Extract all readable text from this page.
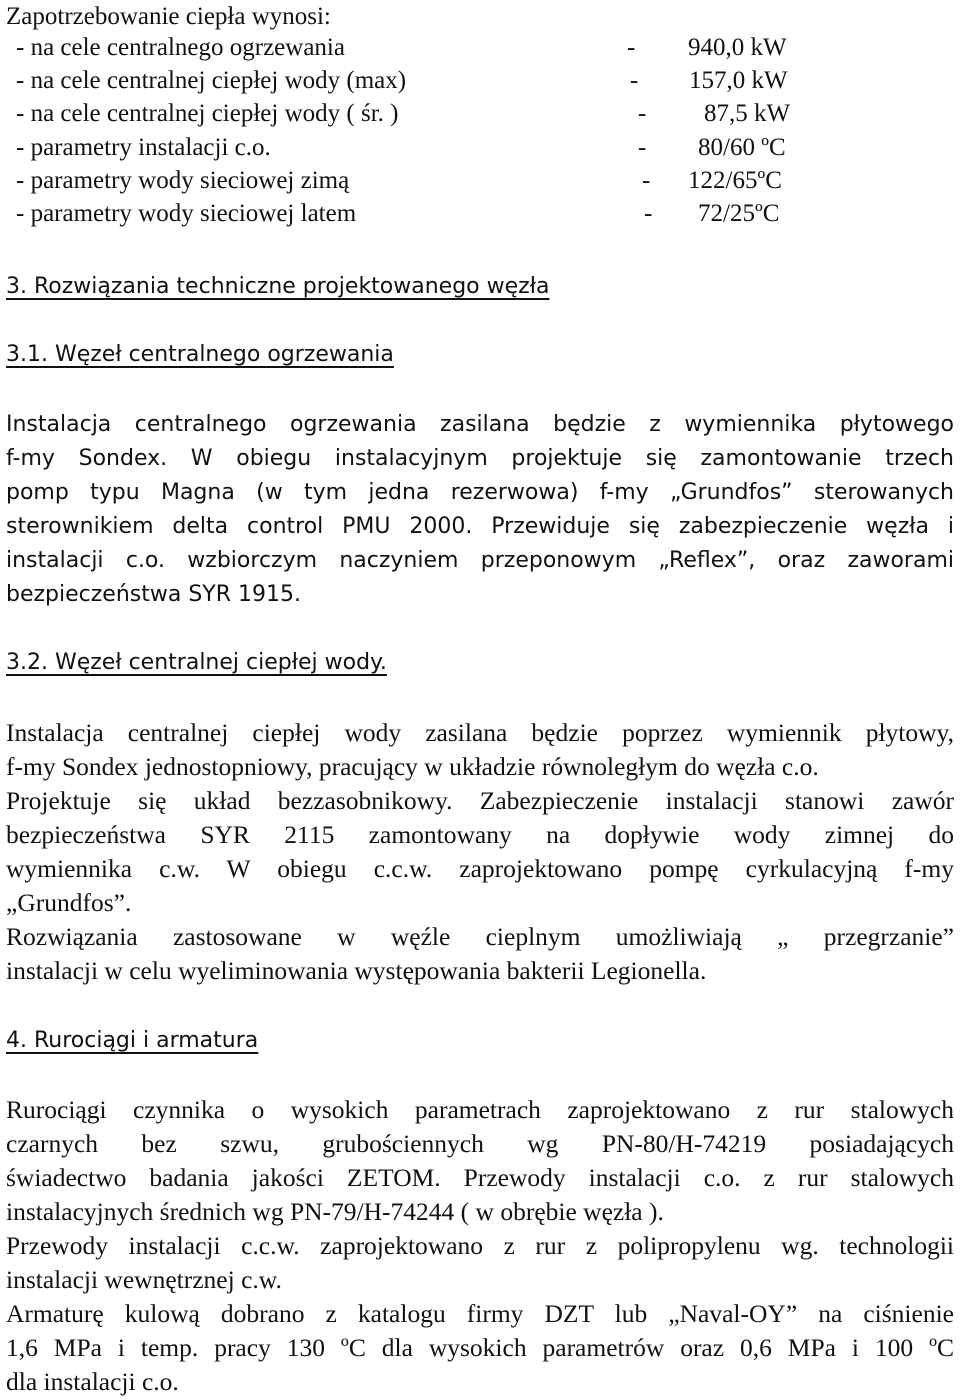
Zapotrzebowanie ciepła wynosi:
- na cele centralnego ogrzewania	- 940,0 kW
- na cele centralnej ciepłej wody (max)	- 157,0 kW
- na cele centralnej ciepłej wody ( śr. )	- 87,5 kW
- parametry instalacji c.o.	- 80/60 ºC
- parametry wody sieciowej zimą	- 122/65ºC
- parametry wody sieciowej latem	- 72/25ºC
3. Rozwiązania techniczne projektowanego węzła
3.1. Węzeł centralnego ogrzewania
Instalacja centralnego ogrzewania zasilana będzie z wymiennika płytowego
f-my Sondex. W obiegu instalacyjnym projektuje się zamontowanie trzech
pomp typu Magna (w tym jedna rezerwowa) f-my „Grundfos” sterowanych
sterownikiem delta control PMU 2000. Przewiduje się zabezpieczenie węzła i
instalacji c.o. wzbiorczym naczyniem przeponowym „Reflex”, oraz zaworami
bezpieczeństwa SYR 1915.
3.2. Węzeł centralnej ciepłej wody.
Instalacja centralnej ciepłej wody zasilana będzie poprzez wymiennik płytowy,
f-my Sondex jednostopniowy, pracujący w układzie równoległym do węzła c.o.
Projektuje się układ bezzasobnikowy. Zabezpieczenie instalacji stanowi zawór
bezpieczeństwa SYR 2115 zamontowany na dopływie wody zimnej do
wymiennika c.w. W obiegu c.c.w. zaprojektowano pompę cyrkulacyjną f-my
„Grundfos”.
Rozwiązania zastosowane w węźle cieplnym umożliwiają „ przegrzanie”
instalacji w celu wyeliminowania występowania bakterii Legionella.
4. Rurociągi i armatura
Rurociągi czynnika o wysokich parametrach zaprojektowano z rur stalowych
czarnych bez szwu, grubościennych wg PN-80/H-74219 posiadających
świadectwo badania jakości ZETOM. Przewody instalacji c.o. z rur stalowych
instalacyjnych średnich wg PN-79/H-74244 ( w obrębie węzła ).
Przewody instalacji c.c.w. zaprojektowano z rur z polipropylenu wg. technologii
instalacji wewnętrznej c.w.
Armaturę kulową dobrano z katalogu firmy DZT lub „Naval-OY” na ciśnienie
1,6 MPa i temp. pracy 130 ºC dla wysokich parametrów oraz 0,6 MPa i 100 ºC
dla instalacji c.o.
